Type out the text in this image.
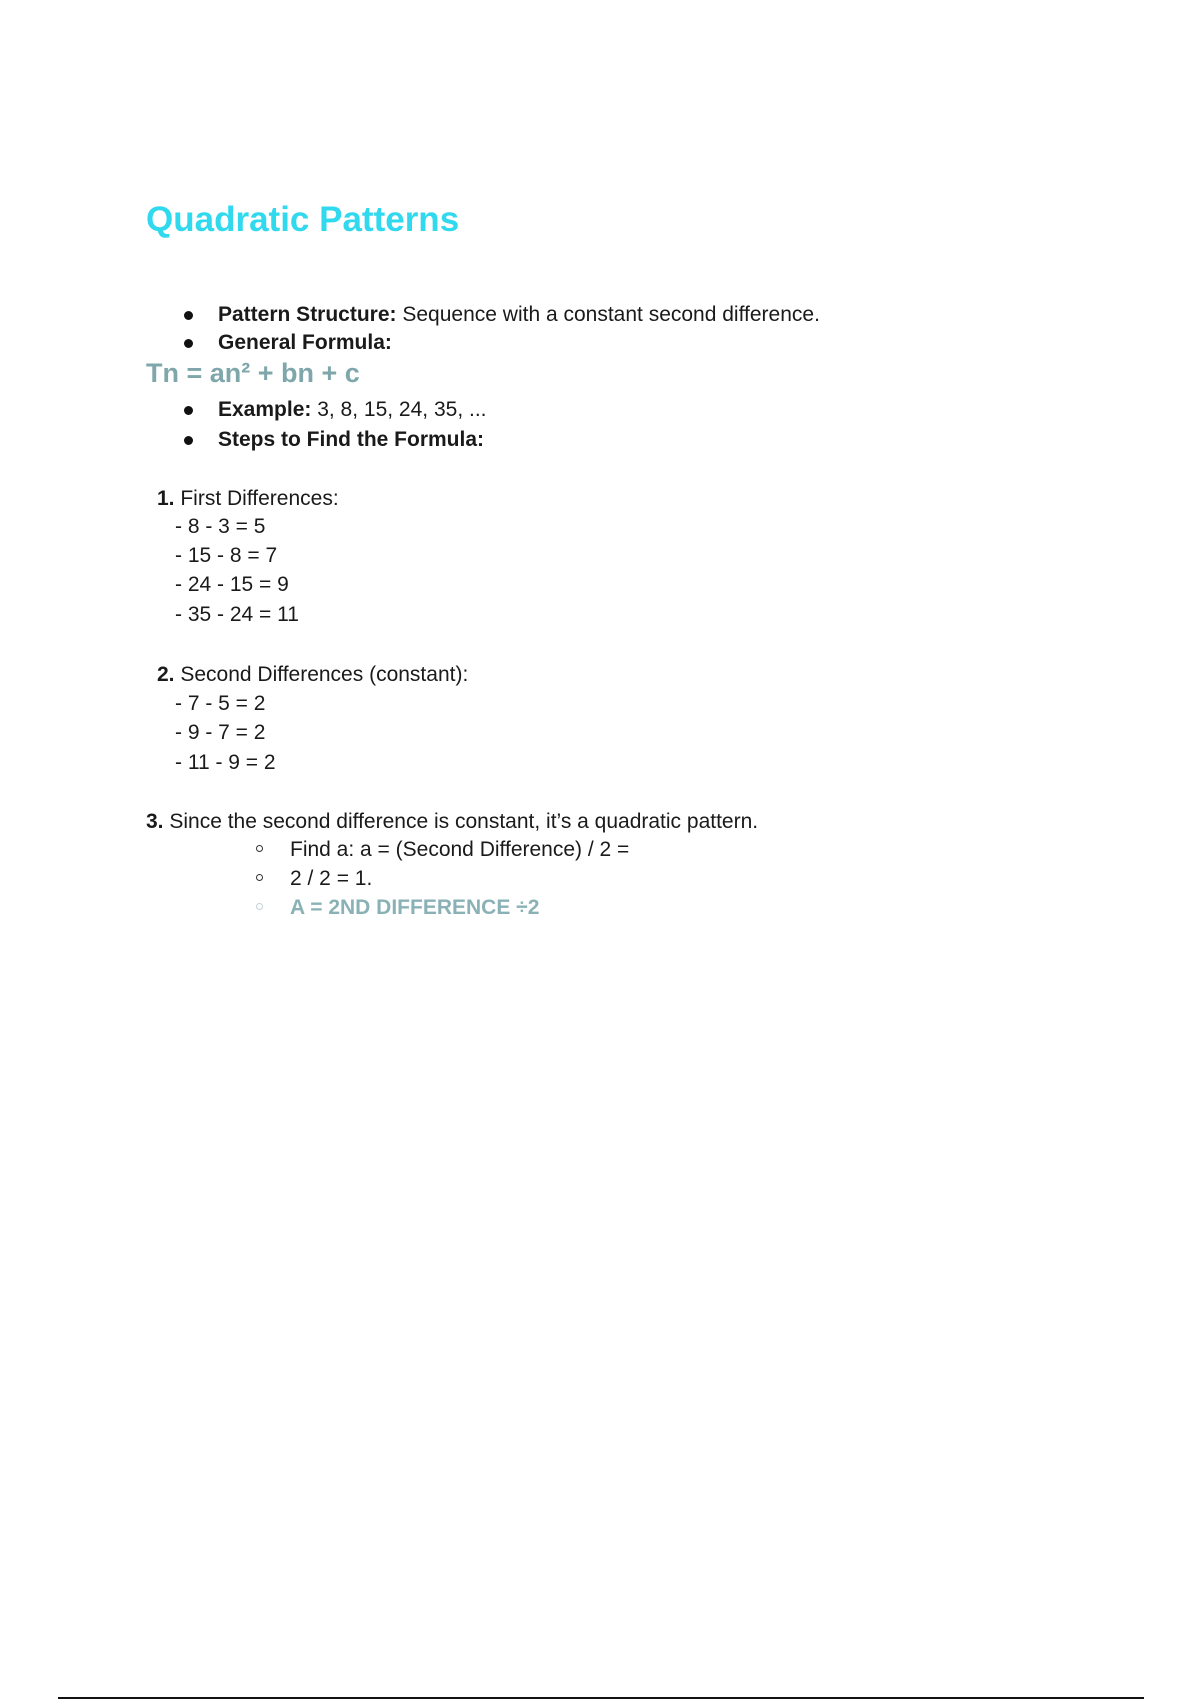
Quadratic Patterns
Pattern Structure: Sequence with a constant second difference.
General Formula:
Tn = an² + bn + c
Example: 3, 8, 15, 24, 35, ...
Steps to Find the Formula:
1. First Differences:
- 8 - 3 = 5
- 15 - 8 = 7
- 24 - 15 = 9
- 35 - 24 = 11
2. Second Differences (constant):
- 7 - 5 = 2
- 9 - 7 = 2
- 11 - 9 = 2
3. Since the second difference is constant, it’s a quadratic pattern.
Find a: a = (Second Difference) / 2 =
2 / 2 = 1.
A = 2ND DIFFERENCE ÷2
